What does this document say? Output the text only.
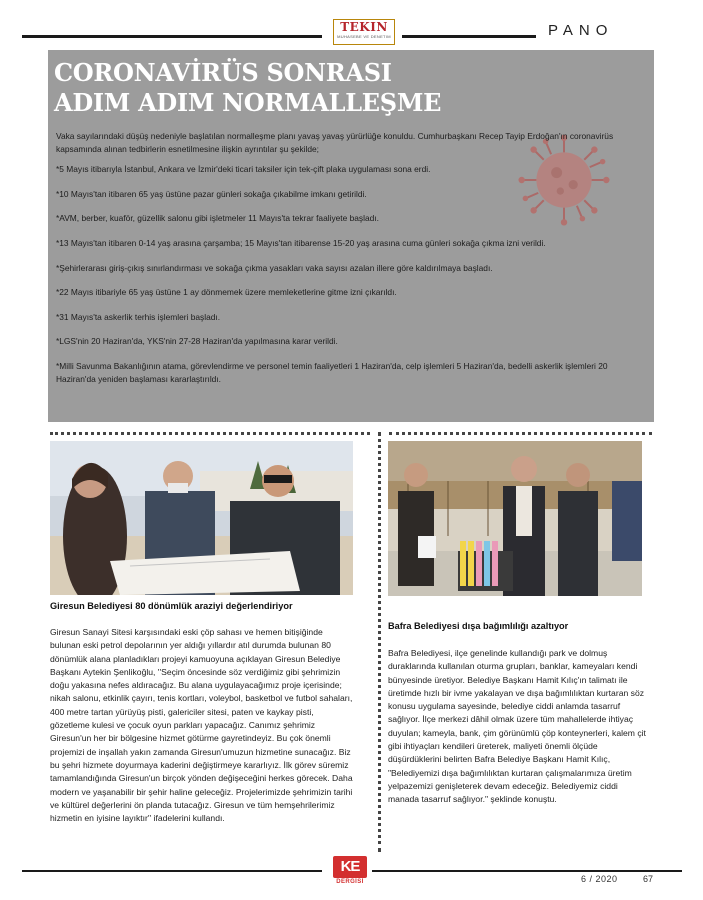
TEKIN
MUHASEBE VE DENETIM	PANO
CORONAVİRÜS SONRASI
ADIM ADIM NORMALLEŞME

Vaka sayılarındaki düşüş nedeniyle başlatılan normalleşme planı yavaş yavaş yürürlüğe konuldu. Cumhurbaşkanı Recep Tayip Erdoğan'ın coronavirüs kapsamında alınan tedbirlerin esnetilmesine ilişkin ayrıntılar şu şekilde;

*5 Mayıs itibarıyla İstanbul, Ankara ve İzmir'deki ticari taksiler için tek-çift plaka uygulaması sona erdi.

*10 Mayıs'tan itibaren 65 yaş üstüne pazar günleri sokağa çıkabilme imkanı getirildi.

*AVM, berber, kuaför, güzellik salonu gibi işletmeler 11 Mayıs'ta tekrar faaliyete başladı.

*13 Mayıs'tan itibaren 0-14 yaş arasına çarşamba; 15 Mayıs'tan itibarense 15-20 yaş arasına cuma günleri sokağa çıkma izni verildi.

*Şehirlerarası giriş-çıkış sınırlandırması ve sokağa çıkma yasakları vaka sayısı azalan illere göre kaldırılmaya başladı.

*22 Mayıs itibariyle 65 yaş üstüne 1 ay dönmemek üzere memleketlerine gitme izni çıkarıldı.

*31 Mayıs'ta askerlik terhis işlemleri başladı.

*LGS'nin 20 Haziran'da, YKS'nin 27-28 Haziran'da yapılmasına karar verildi.

*Milli Savunma Bakanlığının atama, görevlendirme ve personel temin faaliyetleri 1 Haziran'da, celp işlemleri 5 Haziran'da, bedelli askerlik işlemleri 20 Haziran'da yeniden başlaması kararlaştırıldı.

Giresun Belediyesi 80 dönümlük araziyi değerlendiriyor
Bafra Belediyesi dışa bağımlılığı azaltıyor
Giresun Sanayi Sitesi karşısındaki eski çöp sahası ve hemen bitişiğinde bulunan eski petrol depolarının yer aldığı yıllardır atıl durumda bulunan 80 dönümlük alana planladıkları projeyi kamuoyuna açıklayan Giresun Belediye Başkanı Aytekin Şenlikoğlu, ''Seçim öncesinde söz verdiğimiz gibi şehrimizin doğu yakasına nefes aldıracağız. Bu alana uygulayacağımız proje içerisinde; nikah salonu, etkinlik çayırı, tenis kortları, voleybol, basketbol ve futbol sahaları, 400 metre tartan yürüyüş pisti, galericiler sitesi, paten ve kaykay pisti, gözetleme kulesi ve çocuk oyun parkları yapacağız. Canımız şehrimiz Giresun'un her bir bölgesine hizmet götürme gayretindeyiz. Bu çok önemli projemizi de inşallah yakın zamanda Giresun'umuzun hizmetine sunacağız. Biz bu şehri hizmete doyurmaya kaderini değiştirmeye kararlıyız. İlk görev süremiz tamamlandığında Giresun'un birçok yönden değişeceğini herkes görecek. Daha modern ve yaşanabilir bir şehir haline geleceğiz. Projelerimizde şehrimizin tarihi ve kültürel değerlerini ön planda tutacağız. Giresun ve tüm hemşehrilerimiz hizmetin en iyisine layıktır'' ifadelerini kullandı.
Bafra Belediyesi, ilçe genelinde kullandığı park ve dolmuş duraklarında kullanılan oturma grupları, banklar, kameyaları kendi bünyesinde üretiyor. Belediye Başkanı Hamit Kılıç'ın talimatı ile üretimde hızlı bir ivme yakalayan ve dışa bağımlılıktan kurtaran söz konusu uygulama sayesinde, belediye ciddi anlamda tasarruf sağlıyor. İlçe merkezi dâhil olmak üzere tüm mahallelerde ihtiyaç duyulan; kameyla, bank, çim görünümlü çöp konteynerleri, kalem çit gibi ihtiyaçları kendileri üreterek, maliyeti önemli ölçüde düşürdüklerini belirten Bafra Belediye Başkanı Hamit Kılıç, "Belediyemizi dışa bağımlılıktan kurtaran çalışmalarımıza üretim yelpazemizi genişleterek devam edeceğiz. Belediyemiz ciddi manada tasarruf sağlıyor." şeklinde konuştu.
KE
DERGİSİ	6 / 2020	67
